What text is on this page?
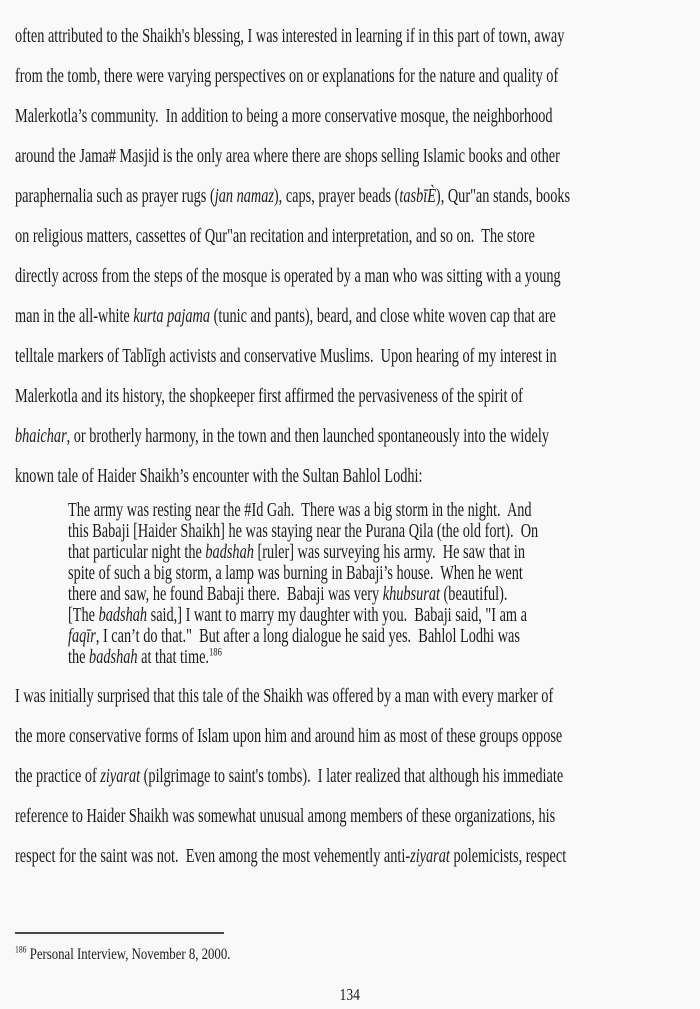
often attributed to the Shaikh's blessing, I was interested in learning if in this part of town, away
from the tomb, there were varying perspectives on or explanations for the nature and quality of
Malerkotla’s community.  In addition to being a more conservative mosque, the neighborhood
around the Jama# Masjid is the only area where there are shops selling Islamic books and other
paraphernalia such as prayer rugs (jan namaz), caps, prayer beads (tasbīÈ), Qur"an stands, books
on religious matters, cassettes of Qur"an recitation and interpretation, and so on.  The store
directly across from the steps of the mosque is operated by a man who was sitting with a young
man in the all-white kurta pajama (tunic and pants), beard, and close white woven cap that are
telltale markers of Tablīgh activists and conservative Muslims.  Upon hearing of my interest in
Malerkotla and its history, the shopkeeper first affirmed the pervasiveness of the spirit of
bhaichar, or brotherly harmony, in the town and then launched spontaneously into the widely
known tale of Haider Shaikh’s encounter with the Sultan Bahlol Lodhi:
The army was resting near the #Id Gah.  There was a big storm in the night.  And
this Babaji [Haider Shaikh] he was staying near the Purana Qila (the old fort).  On
that particular night the badshah [ruler] was surveying his army.  He saw that in
spite of such a big storm, a lamp was burning in Babaji’s house.  When he went
there and saw, he found Babaji there.  Babaji was very khubsurat (beautiful).
[The badshah said,] I want to marry my daughter with you.  Babaji said, "I am a
faqīr, I can’t do that."  But after a long dialogue he said yes.  Bahlol Lodhi was
the badshah at that time.$^{186}$
I was initially surprised that this tale of the Shaikh was offered by a man with every marker of
the more conservative forms of Islam upon him and around him as most of these groups oppose
the practice of ziyarat (pilgrimage to saint's tombs).  I later realized that although his immediate
reference to Haider Shaikh was somewhat unusual among members of these organizations, his
respect for the saint was not.  Even among the most vehemently anti-ziyarat polemicists, respect
$^{186}$ Personal Interview, November 8, 2000.
134
